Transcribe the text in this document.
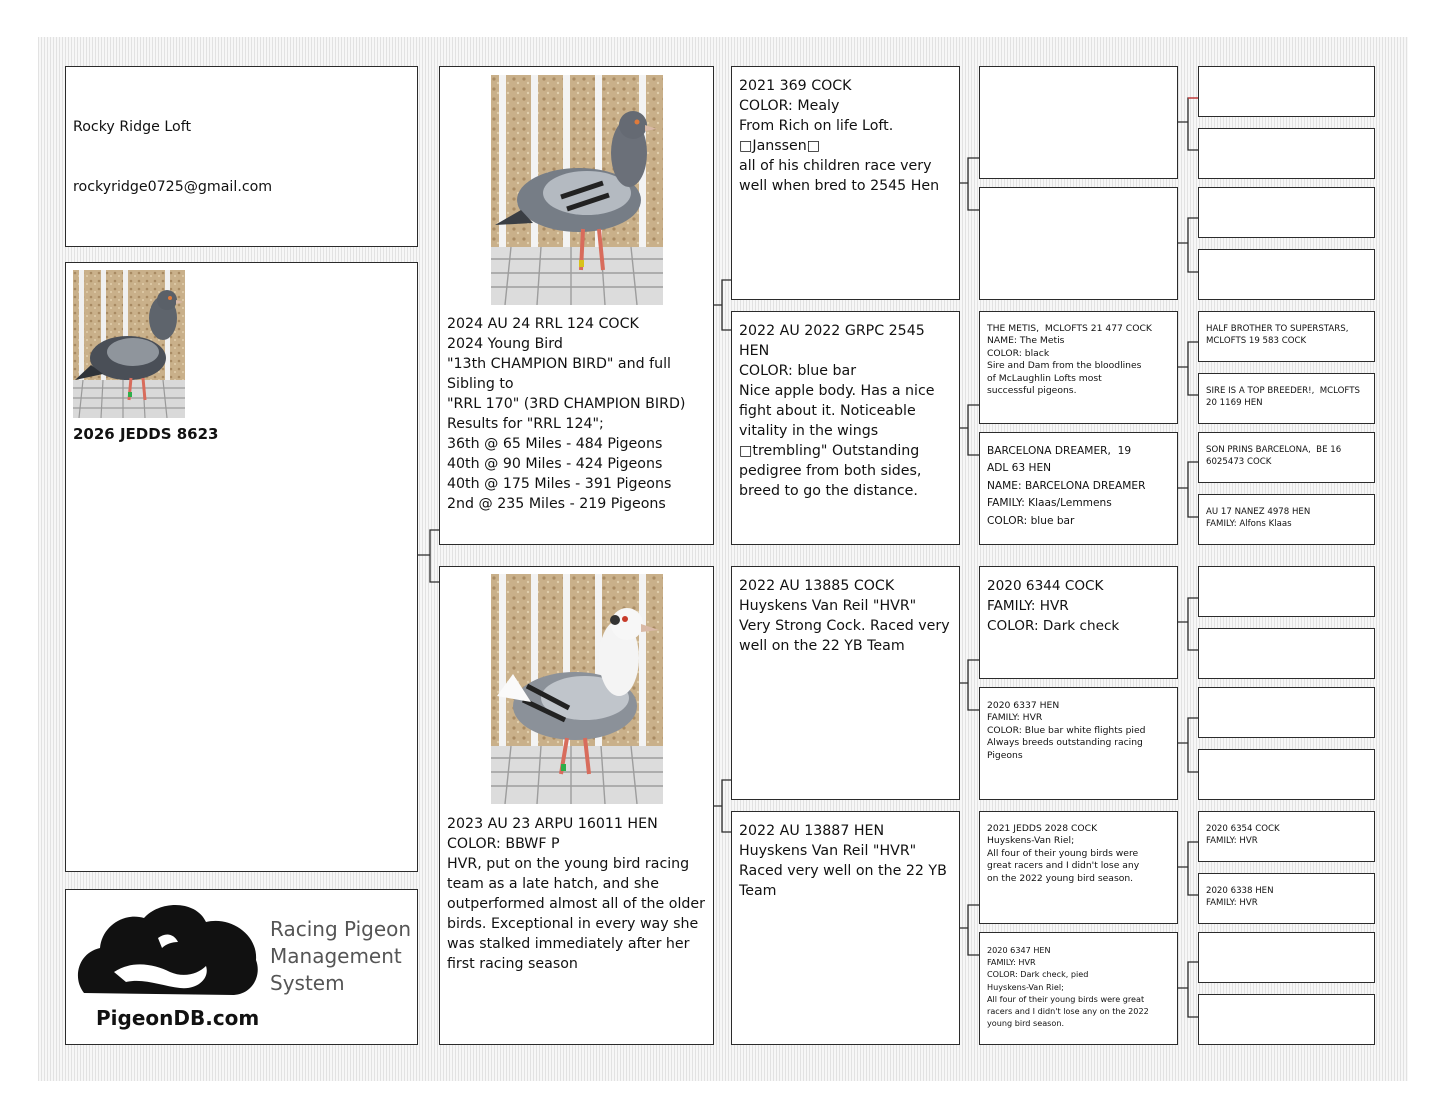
Rocky Ridge Loft

rockyridge0725@gmail.com

2026 JEDDS 8623
Racing Pigeon
Management
System
PigeonDB.com
2024 AU 24 RRL 124 COCK
2024 Young Bird
"13th CHAMPION BIRD" and full
Sibling to
"RRL 170" (3RD CHAMPION BIRD)
Results for "RRL 124";
36th @ 65 Miles - 484 Pigeons
40th @ 90 Miles - 424 Pigeons
40th @ 175 Miles - 391 Pigeons
2nd @ 235 Miles - 219 Pigeons
2023 AU 23 ARPU 16011 HEN
COLOR: BBWF P
HVR, put on the young bird racing
team as a late hatch, and she
outperformed almost all of the older
birds. Exceptional in every way she
was stalked immediately after her
first racing season
2021 369 COCK
COLOR: Mealy
From Rich on life Loft.
□Janssen□
all of his children race very
well when bred to 2545 Hen
2022 AU 2022 GRPC 2545 HEN
COLOR: blue bar
Nice apple body. Has a nice
fight about it. Noticeable
vitality in the wings
□trembling" Outstanding
pedigree from both sides,
breed to go the distance.
2022 AU 13885 COCK
Huyskens Van Reil "HVR"
Very Strong Cock. Raced very
well on the 22 YB Team
2022 AU 13887 HEN
Huyskens Van Reil "HVR"
Raced very well on the 22 YB
Team
THE METIS,  MCLOFTS 21 477 COCK
NAME: The Metis
COLOR: black
Sire and Dam from the bloodlines
of McLaughlin Lofts most
successful pigeons.
BARCELONA DREAMER,  19
ADL 63 HEN
NAME: BARCELONA DREAMER
FAMILY: Klaas/Lemmens
COLOR: blue bar
2020 6344 COCK
FAMILY: HVR
COLOR: Dark check
2020 6337 HEN
FAMILY: HVR
COLOR: Blue bar white flights pied
Always breeds outstanding racing
Pigeons
2021 JEDDS 2028 COCK
Huyskens-Van Riel;
All four of their young birds were
great racers and I didn't lose any
on the 2022 young bird season.
2020 6347 HEN
FAMILY: HVR
COLOR: Dark check, pied
Huyskens-Van Riel;
All four of their young birds were great
racers and I didn't lose any on the 2022
young bird season.
HALF BROTHER TO SUPERSTARS,
MCLOFTS 19 583 COCK
SIRE IS A TOP BREEDER!,  MCLOFTS
20 1169 HEN
SON PRINS BARCELONA,  BE 16
6025473 COCK
AU 17 NANEZ 4978 HEN
FAMILY: Alfons Klaas
2020 6354 COCK
FAMILY: HVR
2020 6338 HEN
FAMILY: HVR
